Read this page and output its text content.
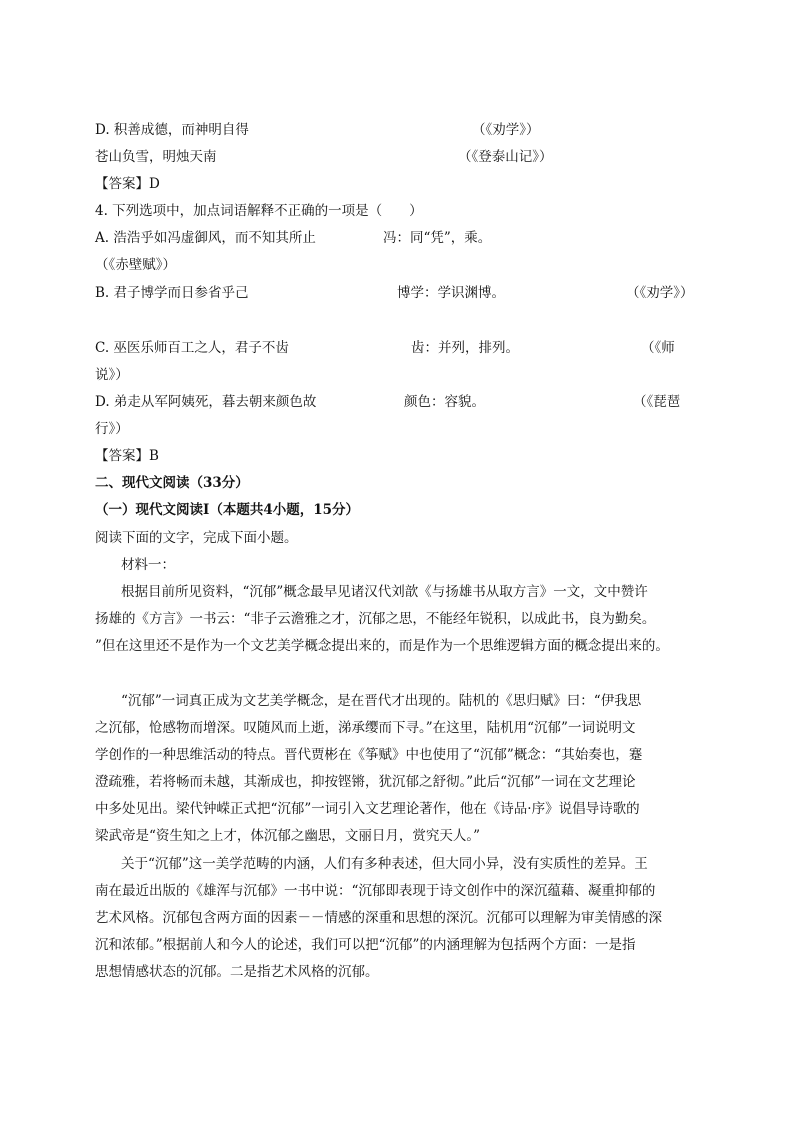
D. 积善成德，而神明自得	（《劝学》）
苍山负雪，明烛天南	（《登泰山记》）
【答案】D
4. 下列选项中，加点词语解释不正确的一项是（　　）
A. 浩浩乎如冯虚御风，而不知其所止	冯：同“凭”，乘。
（《赤壁赋》）
B. 君子博学而日参省乎己	博学：学识渊博。	（《劝学》）
C. 巫医乐师百工之人，君子不齿	齿：并列，排列。	（《师
说》）
D. 弟走从军阿姨死，暮去朝来颜色故	颜色：容貌。	（《琵琶
行》）
【答案】B
二、现代文阅读（33分）
（一）现代文阅读Ⅰ（本题共4小题，15分）
阅读下面的文字，完成下面小题。
材料一：
根据目前所见资料，“沉郁”概念最早见诸汉代刘歆《与扬雄书从取方言》一文，文中赞许
扬雄的《方言》一书云：“非子云澹雅之才，沉郁之思，不能经年锐积，以成此书，良为勤矣。
”但在这里还不是作为一个文艺美学概念提出来的，而是作为一个思维逻辑方面的概念提出来的。
“沉郁”一词真正成为文艺美学概念，是在晋代才出现的。陆机的《思归赋》曰：“伊我思
之沉郁，怆感物而增深。叹随风而上逝，涕承缨而下寻。”在这里，陆机用“沉郁”一词说明文
学创作的一种思维活动的特点。晋代贾彬在《筝赋》中也使用了“沉郁”概念：“其始奏也，蹇
澄疏雅，若将畅而未越，其渐成也，抑按铿锵，犹沉郁之舒彻。”此后“沉郁”一词在文艺理论
中多处见出。梁代钟嵘正式把“沉郁”一词引入文艺理论著作，他在《诗品·序》说倡导诗歌的
梁武帝是“资生知之上才，体沉郁之幽思，文丽日月，赏究天人。”
关于“沉郁”这一美学范畴的内涵，人们有多种表述，但大同小异，没有实质性的差异。王
南在最近出版的《雄浑与沉郁》一书中说：“沉郁即表现于诗文创作中的深沉蕴藉、凝重抑郁的
艺术风格。沉郁包含两方面的因素－－情感的深重和思想的深沉。沉郁可以理解为审美情感的深
沉和浓郁。”根据前人和今人的论述，我们可以把“沉郁”的内涵理解为包括两个方面：一是指
思想情感状态的沉郁。二是指艺术风格的沉郁。
